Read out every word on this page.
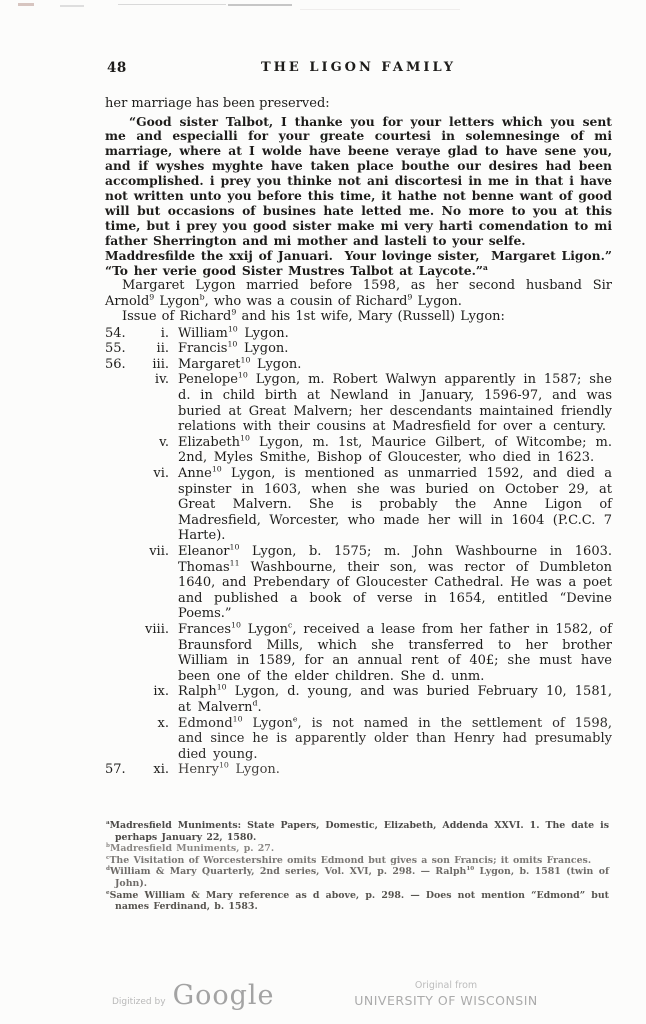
48	THE LIGON FAMILY
her marriage has been preserved:
“Good sister Talbot, I thanke you for your letters which you sent me and especialli for your greate courtesi in solemnesinge of mi marriage, where at I wolde have beene veraye glad to have sene you, and if wyshes myghte have taken place bouthe our desires had been accomplished. i prey you thinke not ani discortesi in me in that i have not written unto you before this time, it hathe not benne want of good will but occasions of busines hate letted me. No more to you at this time, but i prey you good sister make mi very harti comendation to mi father Sherrington and mi mother and lasteli to your selfe.
Maddresfilde the xxij of Januari. Your lovinge sister, Margaret Ligon.”
“To her verie good Sister Mustres Talbot at Laycote.”$^a$
Margaret Lygon married before 1598, as her second husband Sir Arnold$^9$ Lygon$^b$, who was a cousin of Richard$^9$ Lygon.
Issue of Richard$^9$ and his 1st wife, Mary (Russell) Lygon:
54.	i. William$^{10}$ Lygon.
55.	ii. Francis$^{10}$ Lygon.
56.	iii. Margaret$^{10}$ Lygon.
iv. Penelope$^{10}$ Lygon, m. Robert Walwyn apparently in 1587; she d. in child birth at Newland in January, 1596-97, and was buried at Great Malvern; her descendants maintained friendly relations with their cousins at Madresfield for over a century.
v. Elizabeth$^{10}$ Lygon, m. 1st, Maurice Gilbert, of Witcombe; m. 2nd, Myles Smithe, Bishop of Gloucester, who died in 1623.
vi. Anne$^{10}$ Lygon, is mentioned as unmarried 1592, and died a spinster in 1603, when she was buried on October 29, at Great Malvern. She is probably the Anne Ligon of Madresfield, Worcester, who made her will in 1604 (P.C.C. 7 Harte).
vii. Eleanor$^{10}$ Lygon, b. 1575; m. John Washbourne in 1603. Thomas$^{11}$ Washbourne, their son, was rector of Dumbleton 1640, and Prebendary of Gloucester Cathedral. He was a poet and published a book of verse in 1654, entitled “Devine Poems.”
viii. Frances$^{10}$ Lygon$^c$, received a lease from her father in 1582, of Braunsford Mills, which she transferred to her brother William in 1589, for an annual rent of 40£; she must have been one of the elder children. She d. unm.
ix. Ralph$^{10}$ Lygon, d. young, and was buried February 10, 1581, at Malvern$^d$.
x. Edmond$^{10}$ Lygon$^e$, is not named in the settlement of 1598, and since he is apparently older than Henry had presumably died young.
57.	xi. Henry$^{10}$ Lygon.
$^a$Madresfield Muniments: State Papers, Domestic, Elizabeth, Addenda XXVI. 1. The date is perhaps January 22, 1580.
$^b$Madresfield Muniments, p. 27.
$^c$The Visitation of Worcestershire omits Edmond but gives a son Francis; it omits Frances.
$^d$William & Mary Quarterly, 2nd series, Vol. XVI, p. 298. — Ralph$^{10}$ Lygon, b. 1581 (twin of John).
$^e$Same William & Mary reference as d above, p. 298. — Does not mention “Edmond” but names Ferdinand, b. 1583.
Digitized by Google	Original from
UNIVERSITY OF WISCONSIN
